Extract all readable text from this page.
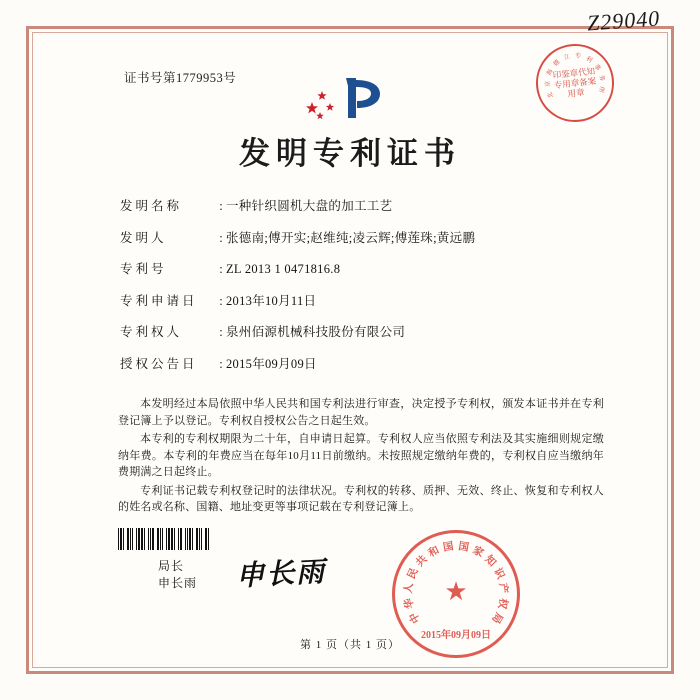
Z29040
证书号第1779953号
北
京
海
德
立 专 利
事
务
所
印鉴章代知专用章备案用章
发明专利证书
发明名称	: 一种针织圆机大盘的加工工艺
发明人	: 张德南;傅开实;赵维纯;凌云辉;傅莲珠;黄远鹏
专利号	: ZL 2013 1 0471816.8
专利申请日	: 2013年10月11日
专利权人	: 泉州佰源机械科技股份有限公司
授权公告日	: 2015年09月09日

本发明经过本局依照中华人民共和国专利法进行审查，决定授予专利权，颁发本证书并在专利登记簿上予以登记。专利权自授权公告之日起生效。

本专利的专利权期限为二十年，自申请日起算。专利权人应当依照专利法及其实施细则规定缴纳年费。本专利的年费应当在每年10月11日前缴纳。未按照规定缴纳年费的，专利权自应当缴纳年费期满之日起终止。

专利证书记载专利权登记时的法律状况。专利权的转移、质押、无效、终止、恢复和专利权人的姓名或名称、国籍、地址变更等事项记载在专利登记簿上。

局长
申长雨 申长雨
中
华
人
民
共
和 国 国 家
知
识
产
权
局
★
2015年09月09日
第 1 页（共 1 页）
